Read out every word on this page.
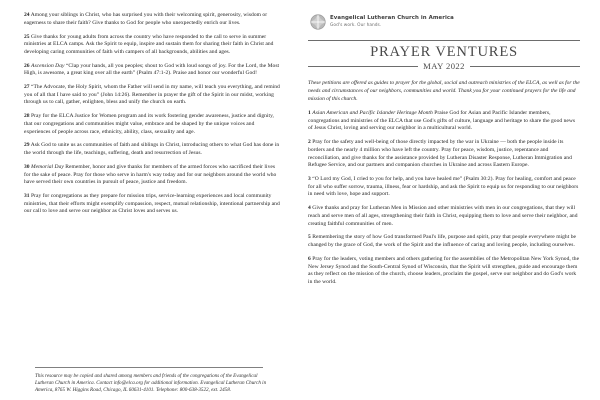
24 Among your siblings in Christ, who has surprised you with their welcoming spirit, generosity, wisdom or eagerness to share their faith? Give thanks to God for people who unexpectedly enrich our lives.

25 Give thanks for young adults from across the country who have responded to the call to serve in summer ministries at ELCA camps. Ask the Spirit to equip, inspire and sustain them for sharing their faith in Christ and developing caring communities of faith with campers of all backgrounds, abilities and ages.

26 Ascension Day “Clap your hands, all you peoples; shout to God with loud songs of joy. For the Lord, the Most High, is awesome, a great king over all the earth” (Psalm 47:1-2). Praise and honor our wonderful God!

27 “The Advocate, the Holy Spirit, whom the Father will send in my name, will teach you everything, and remind you of all that I have said to you” (John 14:26). Remember in prayer the gift of the Spirit in our midst, working through us to call, gather, enlighten, bless and unify the church on earth.

28 Pray for the ELCA Justice for Women program and its work fostering gender awareness, justice and dignity, that our congregations and communities might value, embrace and be shaped by the unique voices and experiences of people across race, ethnicity, ability, class, sexuality and age.

29 Ask God to unite us as communities of faith and siblings in Christ, introducing others to what God has done in the world through the life, teachings, suffering, death and resurrection of Jesus.

30 Memorial Day Remember, honor and give thanks for members of the armed forces who sacrificed their lives for the sake of peace. Pray for those who serve in harm's way today and for our neighbors around the world who have served their own countries in pursuit of peace, justice and freedom.

31 Pray for congregations as they prepare for mission trips, service-learning experiences and local community ministries, that their efforts might exemplify compassion, respect, mutual relationship, intentional partnership and our call to love and serve our neighbor as Christ loves and serves us.

This resource may be copied and shared among members and friends of the congregations of the Evangelical Lutheran Church in America. Contact info@elca.org for additional information. Evangelical Lutheran Church in America, 8765 W. Higgins Road, Chicago, IL 60631-4101. Telephone: 800-638-3522, ext. 2458.

Evangelical Lutheran Church in America
God's work. Our hands.
PRAYER VENTURES
MAY 2022

These petitions are offered as guides to prayer for the global, social and outreach ministries of the ELCA, as well as for the needs and circumstances of our neighbors, communities and world. Thank you for your continued prayers for the life and mission of this church.

1 Asian American and Pacific Islander Heritage Month Praise God for Asian and Pacific Islander members, congregations and ministries of the ELCA that use God's gifts of culture, language and heritage to share the good news of Jesus Christ, loving and serving our neighbor in a multicultural world.

2 Pray for the safety and well-being of those directly impacted by the war in Ukraine — both the people inside its borders and the nearly 4 million who have left the country. Pray for peace, wisdom, justice, repentance and reconciliation, and give thanks for the assistance provided by Lutheran Disaster Response, Lutheran Immigration and Refugee Service, and our partners and companion churches in Ukraine and across Eastern Europe.

3 “O Lord my God, I cried to you for help, and you have healed me” (Psalm 30:2). Pray for healing, comfort and peace for all who suffer sorrow, trauma, illness, fear or hardship, and ask the Spirit to equip us for responding to our neighbors in need with love, hope and support.

4 Give thanks and pray for Lutheran Men in Mission and other ministries with men in our congregations, that they will reach and serve men of all ages, strengthening their faith in Christ, equipping them to love and serve their neighbor, and creating faithful communities of men.

5 Remembering the story of how God transformed Paul's life, purpose and spirit, pray that people everywhere might be changed by the grace of God, the work of the Spirit and the influence of caring and loving people, including ourselves.

6 Pray for the leaders, voting members and others gathering for the assemblies of the Metropolitan New York Synod, the New Jersey Synod and the South-Central Synod of Wisconsin, that the Spirit will strengthen, guide and encourage them as they reflect on the mission of the church, choose leaders, proclaim the gospel, serve our neighbor and do God's work in the world.
